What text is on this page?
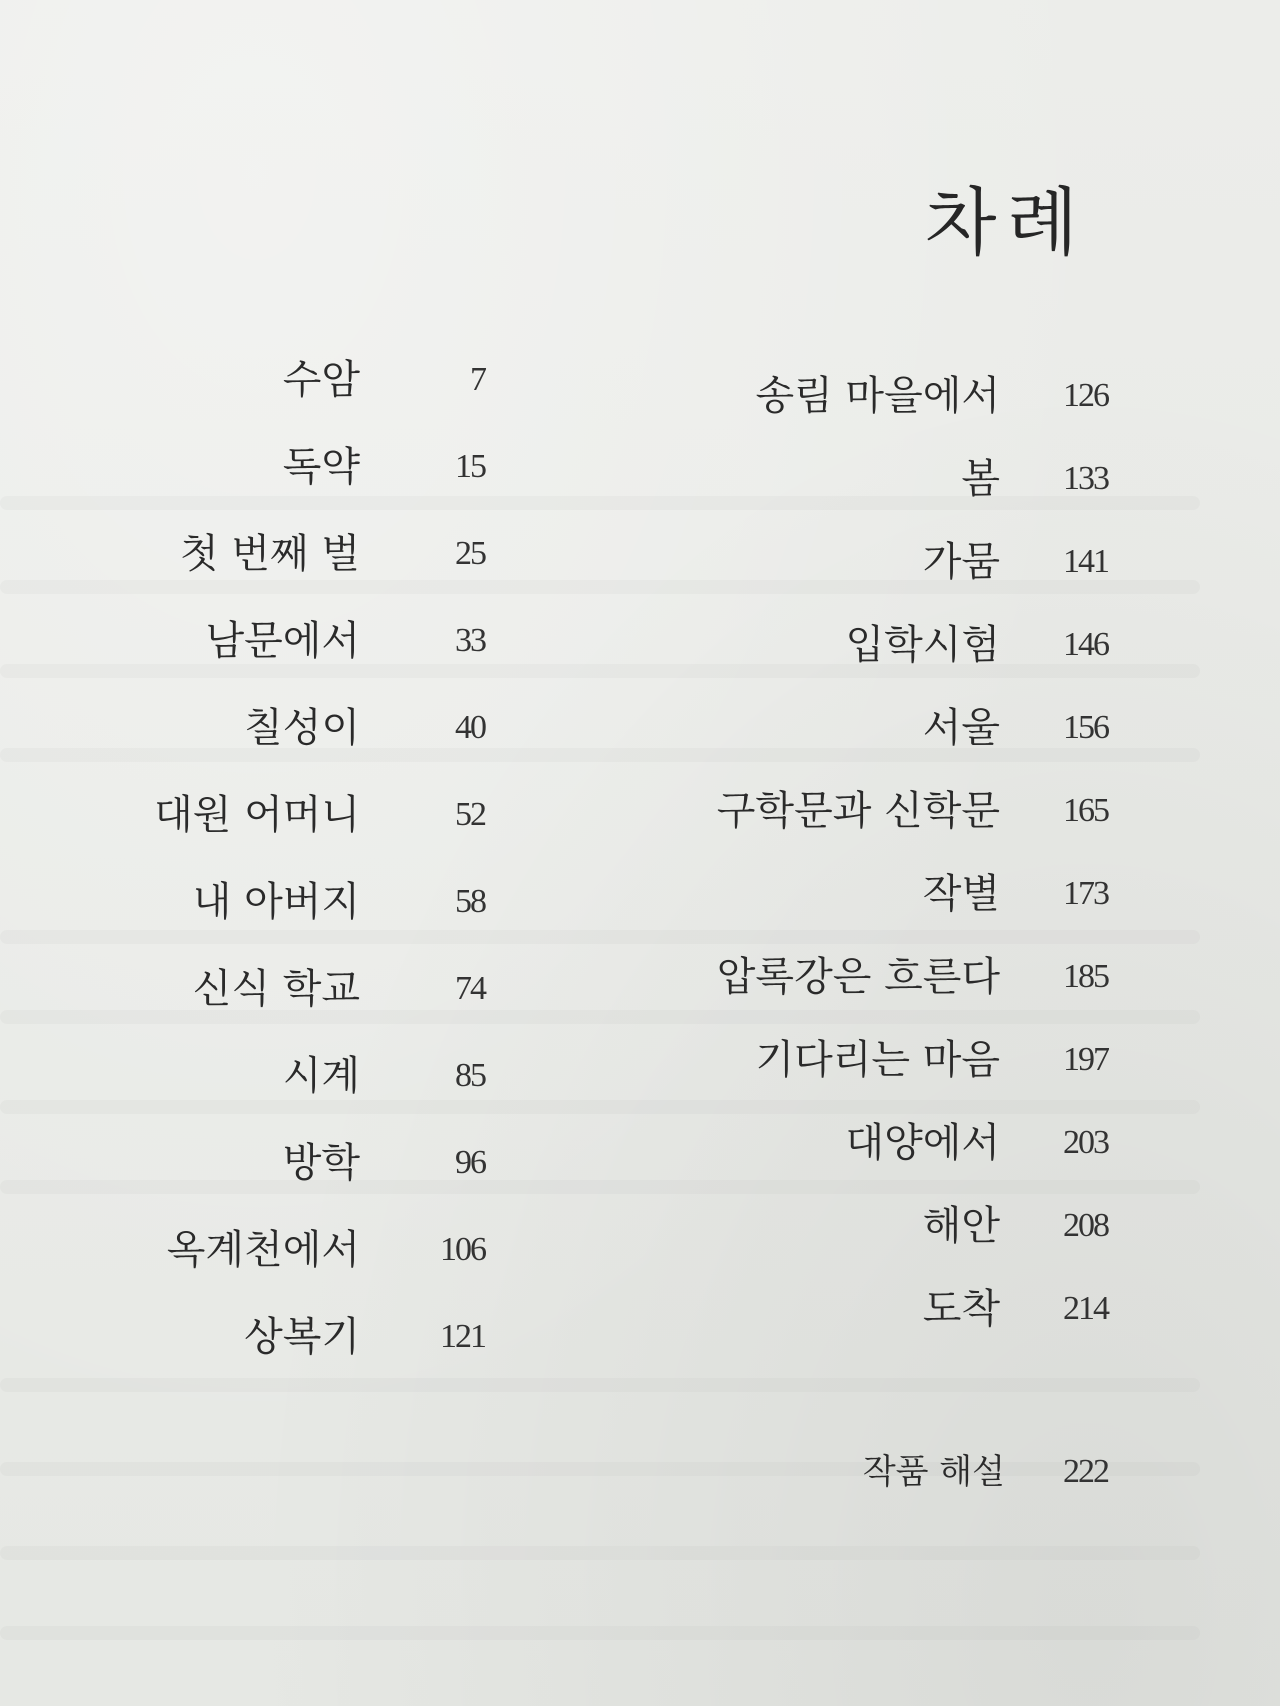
차례
수암	7
독약	15
첫 번째 벌	25
남문에서	33
칠성이	40
대원 어머니	52
내 아버지	58
신식 학교	74
시계	85
방학	96
옥계천에서 106
상복기 121
송림 마을에서 126
봄 133
가뭄 141
입학시험 146
서울 156
구학문과 신학문 165
작별 173
압록강은 흐른다 185
기다리는 마음 197
대양에서 203
해안 208
도착 214
작품 해설 222
